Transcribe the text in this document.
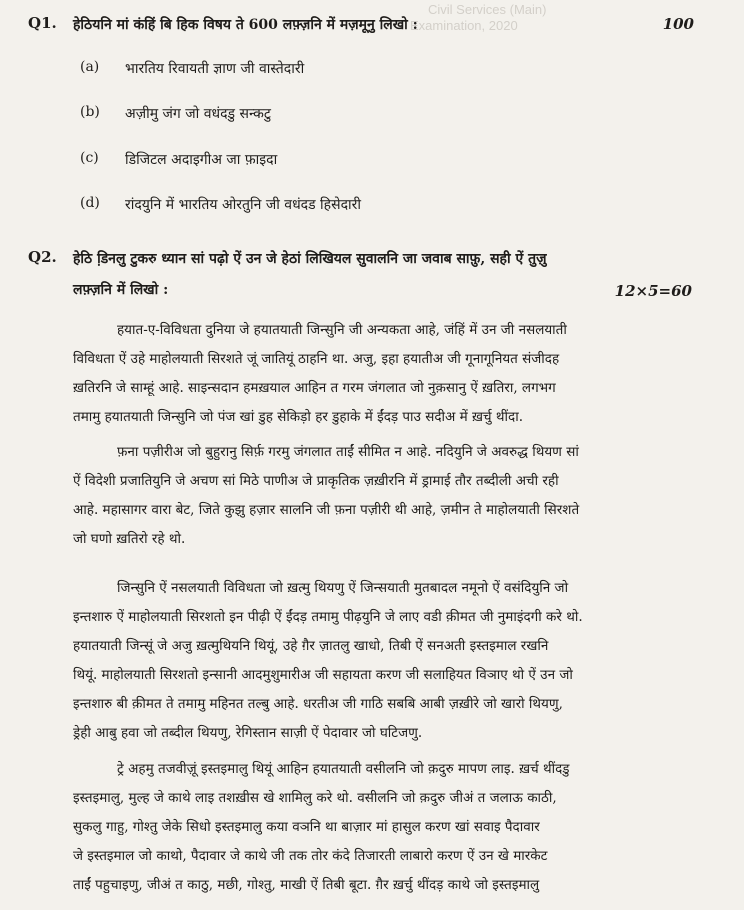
Civil Services (Main)
Examination, 2020
Q1. हेठियनि मां कंहिं बि हिक विषय ते 600 लफ़्ज़नि में मज़मूनु लिखो :	100
(a) भारतिय रिवायती ज्ञाण जी वास्तेदारी
(b) अज़ीमु जंग जो वधंदडु सन्कटु
(c) डिजिटल अदाइगीअ जा फ़ाइदा
(d) रांदयुनि में भारतिय ओरतुनि जी वधंदड हिसेदारी
Q2. हेठि डि़नलु टुकरु ध्यान सां पढ़ो ऐं उन जे हेठां लिखियल सुवालनि जा जवाब साफ़ु, सही ऐं तुज़ु
लफ़्ज़नि में लिखो :	12×5=60
हयात-ए-विविधता दुनिया जे हयातयाती जिन्सुनि जी अन्यकता आहे, जंहिं में उन जी नसलयाती
विविधता ऐं उहे माहोलयाती सिरशते जूं जातियूं ठाहनि था. अजु, इहा हयातीअ जी गूनागूनियत संजीदह
ख़तिरनि जे साम्हूं आहे. साइन्सदान हमख़याल आहिन त गरम जंगलात जो नुक़सानु ऐं ख़तिरा, लगभग
तमामु हयातयाती जिन्सुनि जो पंज खां डुह सेकिड़ो हर डुहाके में ईंदड़ पाउ सदीअ में ख़र्चु थींदा.
फ़ना पज़ीरीअ जो बुहुरानु सिर्फ़ गरमु जंगलात ताईं सीमित न आहे. नदियुनि जे अवरुद्ध थियण सां
ऐं विदेशी प्रजातियुनि जे अचण सां मिठे पाणीअ जे प्राकृतिक ज़ख़ीरनि में ड्रामाई तौर तब्दीली अची रही
आहे. महासागर वारा बेट, जिते कुझु हज़ार सालनि जी फ़ना पज़ीरी थी आहे, ज़मीन ते माहोलयाती सिरशते
जो घणो ख़तिरो रहे थो.
जिन्सुनि ऐं नसलयाती विविधता जो ख़त्मु थियणु ऐं जिन्सयाती मुतबादल नमूनो ऐं वसंदियुनि जो
इन्तशारु ऐं माहोलयाती सिरशतो इन पीढ़ी ऐं ईंदड़ तमामु पीढ़युनि जे लाए वडी क़ीमत जी नुमाइंदगी करे थो.
हयातयाती जिन्सूं जे अजु ख़त्मुथियनि थियूं, उहे ग़ैर ज़ातलु खाधो, तिबी ऐं सनअती इस्तइमाल रखनि
थियूं. माहोलयाती सिरशतो इन्सानी आदमुशुमारीअ जी सहायता करण जी सलाहियत विञाए थो ऐं उन जो
इन्तशारु बी क़ीमत ते तमामु महिनत तल्बु आहे. धरतीअ जी गाठि सबबि आबी ज़ख़ीरे जो खारो थियणु,
ड्रेही आबु हवा जो तब्दील थियणु, रेगिस्तान साज़ी ऐं पेदावार जो घटिजणु.
ट्रे अहमु तजवीज़ूं इस्तइमालु थियूं आहिन हयातयाती वसीलनि जो क़दुरु मापण लाइ. ख़र्च थींदडु
इस्तइमालु, मुल्ह जे काथे लाइ तशख़ीस खे शामिलु करे थो. वसीलनि जो क़दुरु जीअं त जलाऊ काठी,
सुकलु गाहु, गोश्तु जेके सिधो इस्तइमालु कया वञनि था बाज़ार मां हासुल करण खां सवाइ पैदावार
जे इस्तइमाल जो काथो, पैदावार जे काथे जी तक तोर कंदे तिजारती लाबारो करण ऐं उन खे मारकेट
ताईं पहुचाइणु, जीअं त काठु, मछी, गोश्तु, माखी ऐं तिबी बूटा. ग़ैर ख़र्चु थींदड़ काथे जो इस्तइमालु
